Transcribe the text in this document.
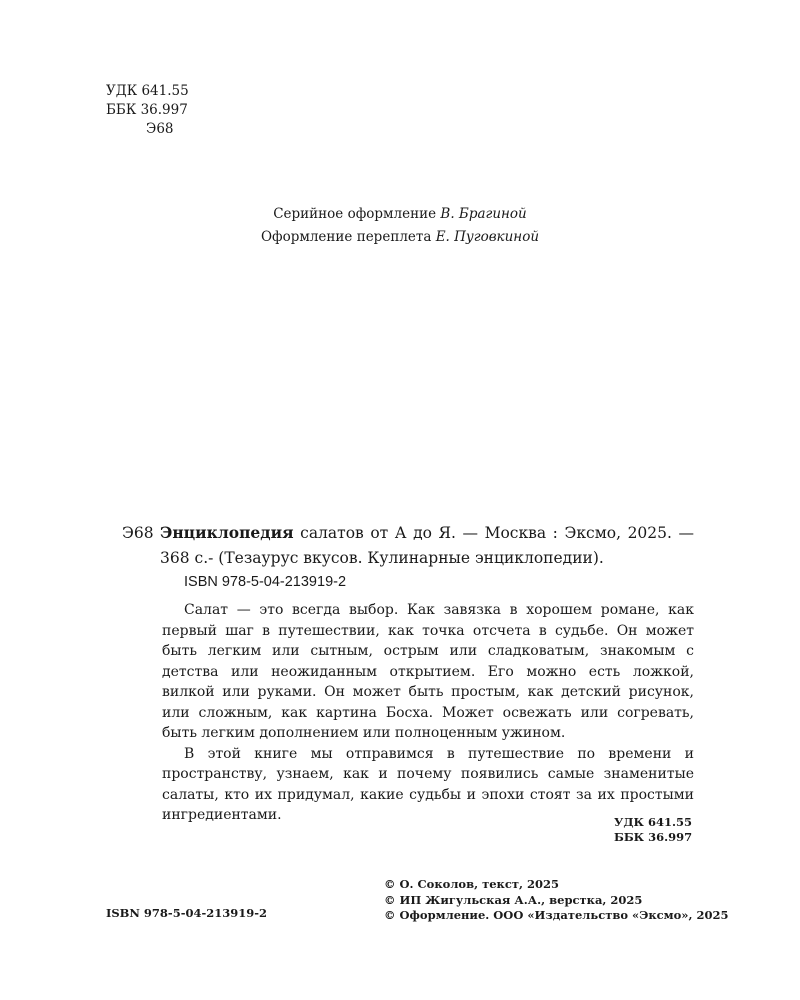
УДК 641.55
ББК 36.997
Э68
Серийное оформление В. Брагиной
Оформление переплета Е. Пуговкиной
Э68 Энциклопедия салатов от А до Я. — Москва : Эксмо, 2025. — 368 с.- (Тезаурус вкусов. Кулинарные энциклопедии).
ISBN 978-5-04-213919-2

Салат — это всегда выбор. Как завязка в хорошем романе, как первый шаг в путешествии, как точка отсчета в судьбе. Он может быть легким или сытным, острым или сладковатым, знакомым с детства или неожиданным открытием. Его можно есть ложкой, вилкой или руками. Он может быть простым, как детский рисунок, или сложным, как картина Босха. Может освежать или согревать, быть легким дополнением или полноценным ужином.

В этой книге мы отправимся в путешествие по времени и пространству, узнаем, как и почему появились самые знаменитые салаты, кто их придумал, какие судьбы и эпохи стоят за их простыми ингредиентами.	УДК 641.55
ББК 36.997
© О. Соколов, текст, 2025
© ИП Жигульская А.А., верстка, 2025
© Оформление. ООО «Издательство «Эксмо», 2025
ISBN 978-5-04-213919-2
